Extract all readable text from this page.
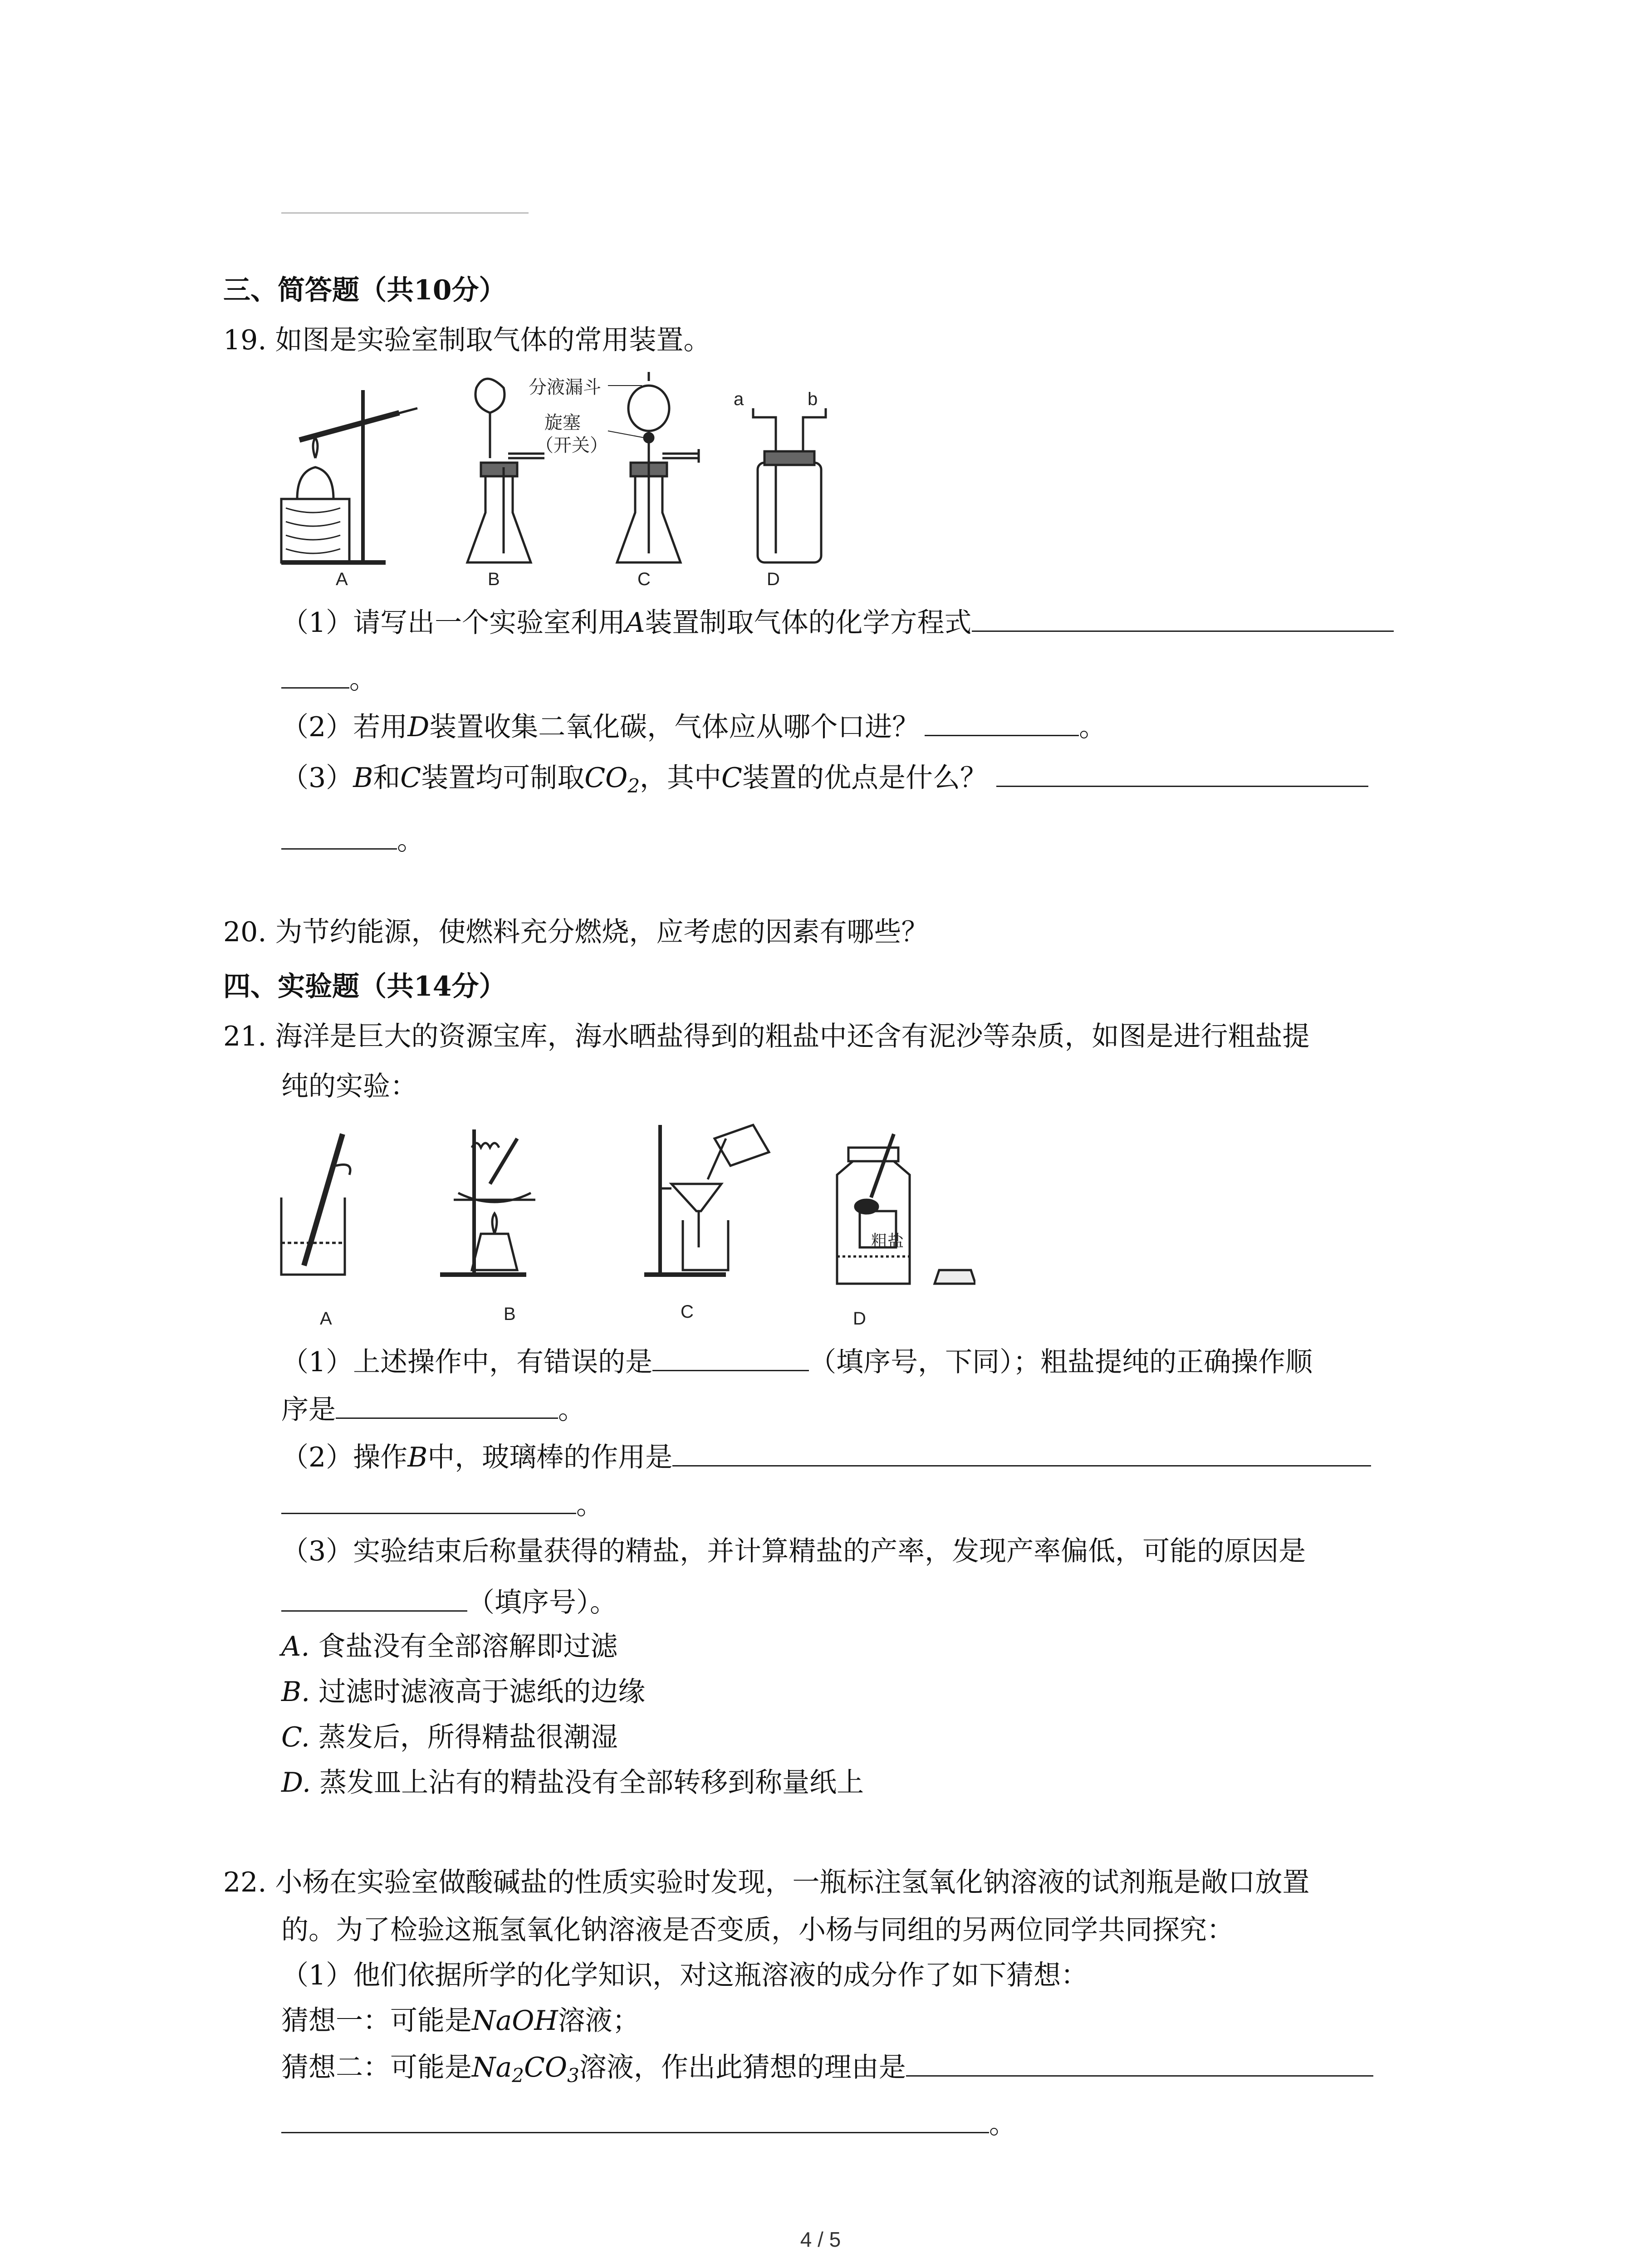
三、简答题（共10分）
19. 如图是实验室制取气体的常用装置。
分液漏斗
旋塞
（开关）
a	b
A	B	C	D
（1）请写出一个实验室利用A装置制取气体的化学方程式
。
（2）若用D装置收集二氧化碳，气体应从哪个口进？	。
（3）B和C装置均可制取$CO_2$，其中C装置的优点是什么？
。
20. 为节约能源，使燃料充分燃烧，应考虑的因素有哪些？
四、实验题（共14分）
21. 海洋是巨大的资源宝库，海水晒盐得到的粗盐中还含有泥沙等杂质，如图是进行粗盐提
纯的实验：
粗盐
A	B	C	D
（1）上述操作中，有错误的是	（填序号，下同）；粗盐提纯的正确操作顺
序是	。
（2）操作B中，玻璃棒的作用是
。
（3）实验结束后称量获得的精盐，并计算精盐的产率，发现产率偏低，可能的原因是
（填序号）。
A. 食盐没有全部溶解即过滤
B. 过滤时滤液高于滤纸的边缘
C. 蒸发后，所得精盐很潮湿
D. 蒸发皿上沾有的精盐没有全部转移到称量纸上
22. 小杨在实验室做酸碱盐的性质实验时发现，一瓶标注氢氧化钠溶液的试剂瓶是敞口放置
的。为了检验这瓶氢氧化钠溶液是否变质，小杨与同组的另两位同学共同探究：
（1）他们依据所学的化学知识，对这瓶溶液的成分作了如下猜想：
猜想一：可能是NaOH溶液；
猜想二：可能是$Na_2CO_3$溶液，作出此猜想的理由是
。
4 / 5
